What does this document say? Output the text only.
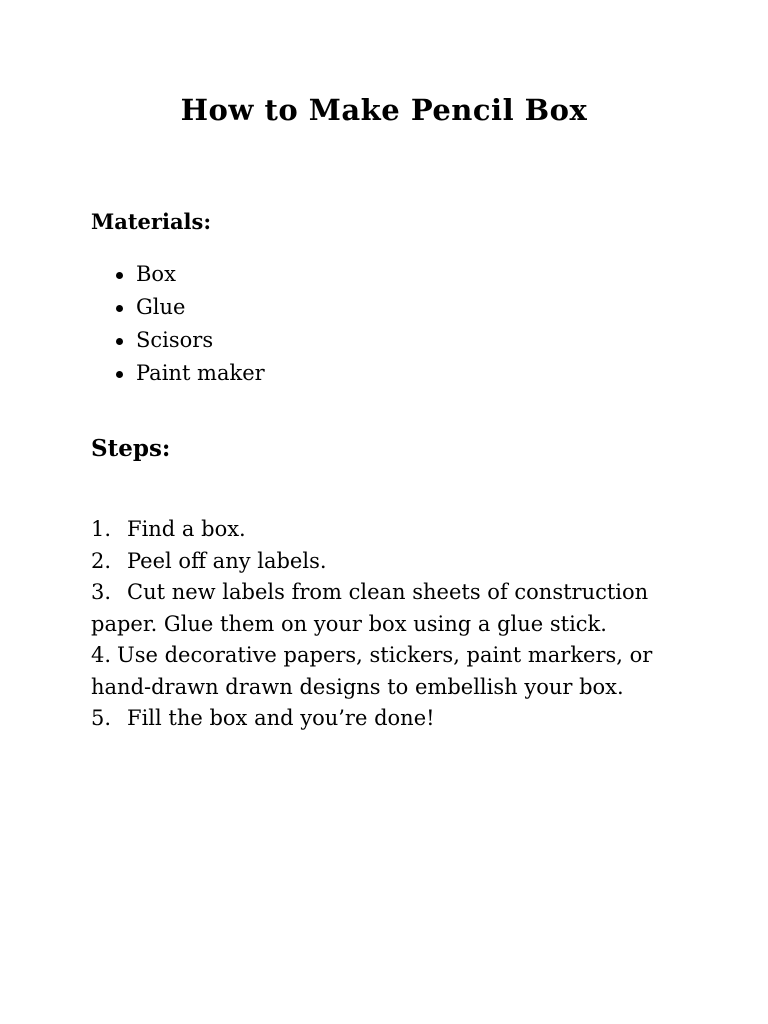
How to Make Pencil Box
Materials:
Box
Glue
Scisors
Paint maker
Steps:
1. Find a box.
2. Peel off any labels.
3. Cut new labels from clean sheets of construction
paper. Glue them on your box using a glue stick.
4. Use decorative papers, stickers, paint markers, or
hand-drawn drawn designs to embellish your box.
5. Fill the box and you’re done!
